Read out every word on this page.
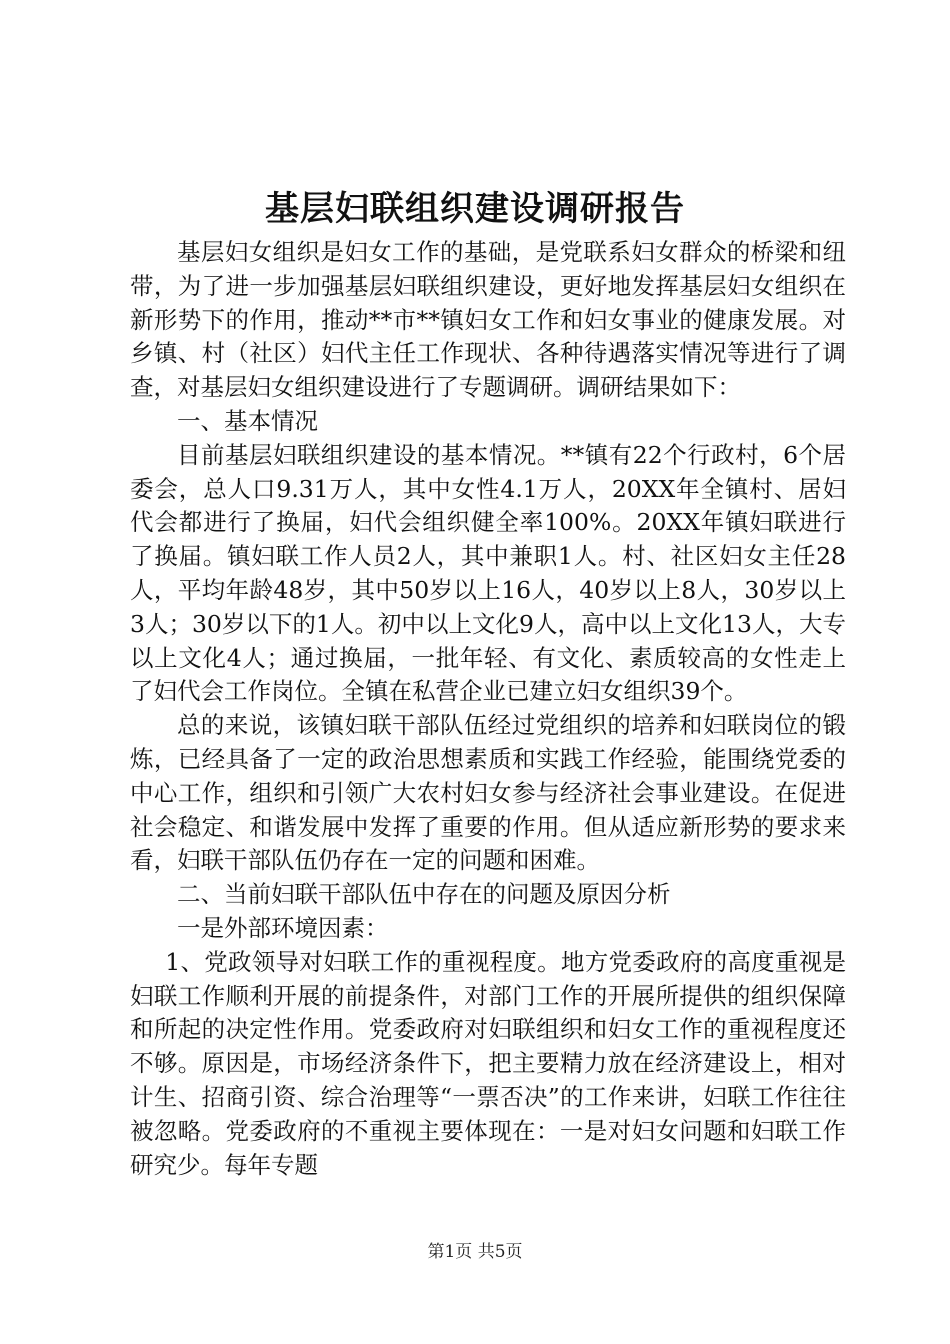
基层妇联组织建设调研报告

基层妇女组织是妇女工作的基础，是党联系妇女群众的桥梁和纽带，为了进一步加强基层妇联组织建设，更好地发挥基层妇女组织在新形势下的作用，推动**市**镇妇女工作和妇女事业的健康发展。对乡镇、村（社区）妇代主任工作现状、各种待遇落实情况等进行了调查，对基层妇女组织建设进行了专题调研。调研结果如下：

一、基本情况

目前基层妇联组织建设的基本情况。**镇有22个行政村，6个居委会，总人口9.31万人，其中女性4.1万人，20XX年全镇村、居妇代会都进行了换届，妇代会组织健全率100%。20XX年镇妇联进行了换届。镇妇联工作人员2人，其中兼职1人。村、社区妇女主任28人，平均年龄48岁，其中50岁以上16人，40岁以上8人，30岁以上3人；30岁以下的1人。初中以上文化9人，高中以上文化13人，大专以上文化4人；通过换届，一批年轻、有文化、素质较高的女性走上了妇代会工作岗位。全镇在私营企业已建立妇女组织39个。

总的来说，该镇妇联干部队伍经过党组织的培养和妇联岗位的锻炼，已经具备了一定的政治思想素质和实践工作经验，能围绕党委的中心工作，组织和引领广大农村妇女参与经济社会事业建设。在促进社会稳定、和谐发展中发挥了重要的作用。但从适应新形势的要求来看，妇联干部队伍仍存在一定的问题和困难。

二、当前妇联干部队伍中存在的问题及原因分析

一是外部环境因素：

1、党政领导对妇联工作的重视程度。地方党委政府的高度重视是妇联工作顺利开展的前提条件，对部门工作的开展所提供的组织保障和所起的决定性作用。党委政府对妇联组织和妇女工作的重视程度还不够。原因是，市场经济条件下，把主要精力放在经济建设上，相对计生、招商引资、综合治理等“一票否决”的工作来讲，妇联工作往往被忽略。党委政府的不重视主要体现在：一是对妇女问题和妇联工作研究少。每年专题

第1页 共5页
